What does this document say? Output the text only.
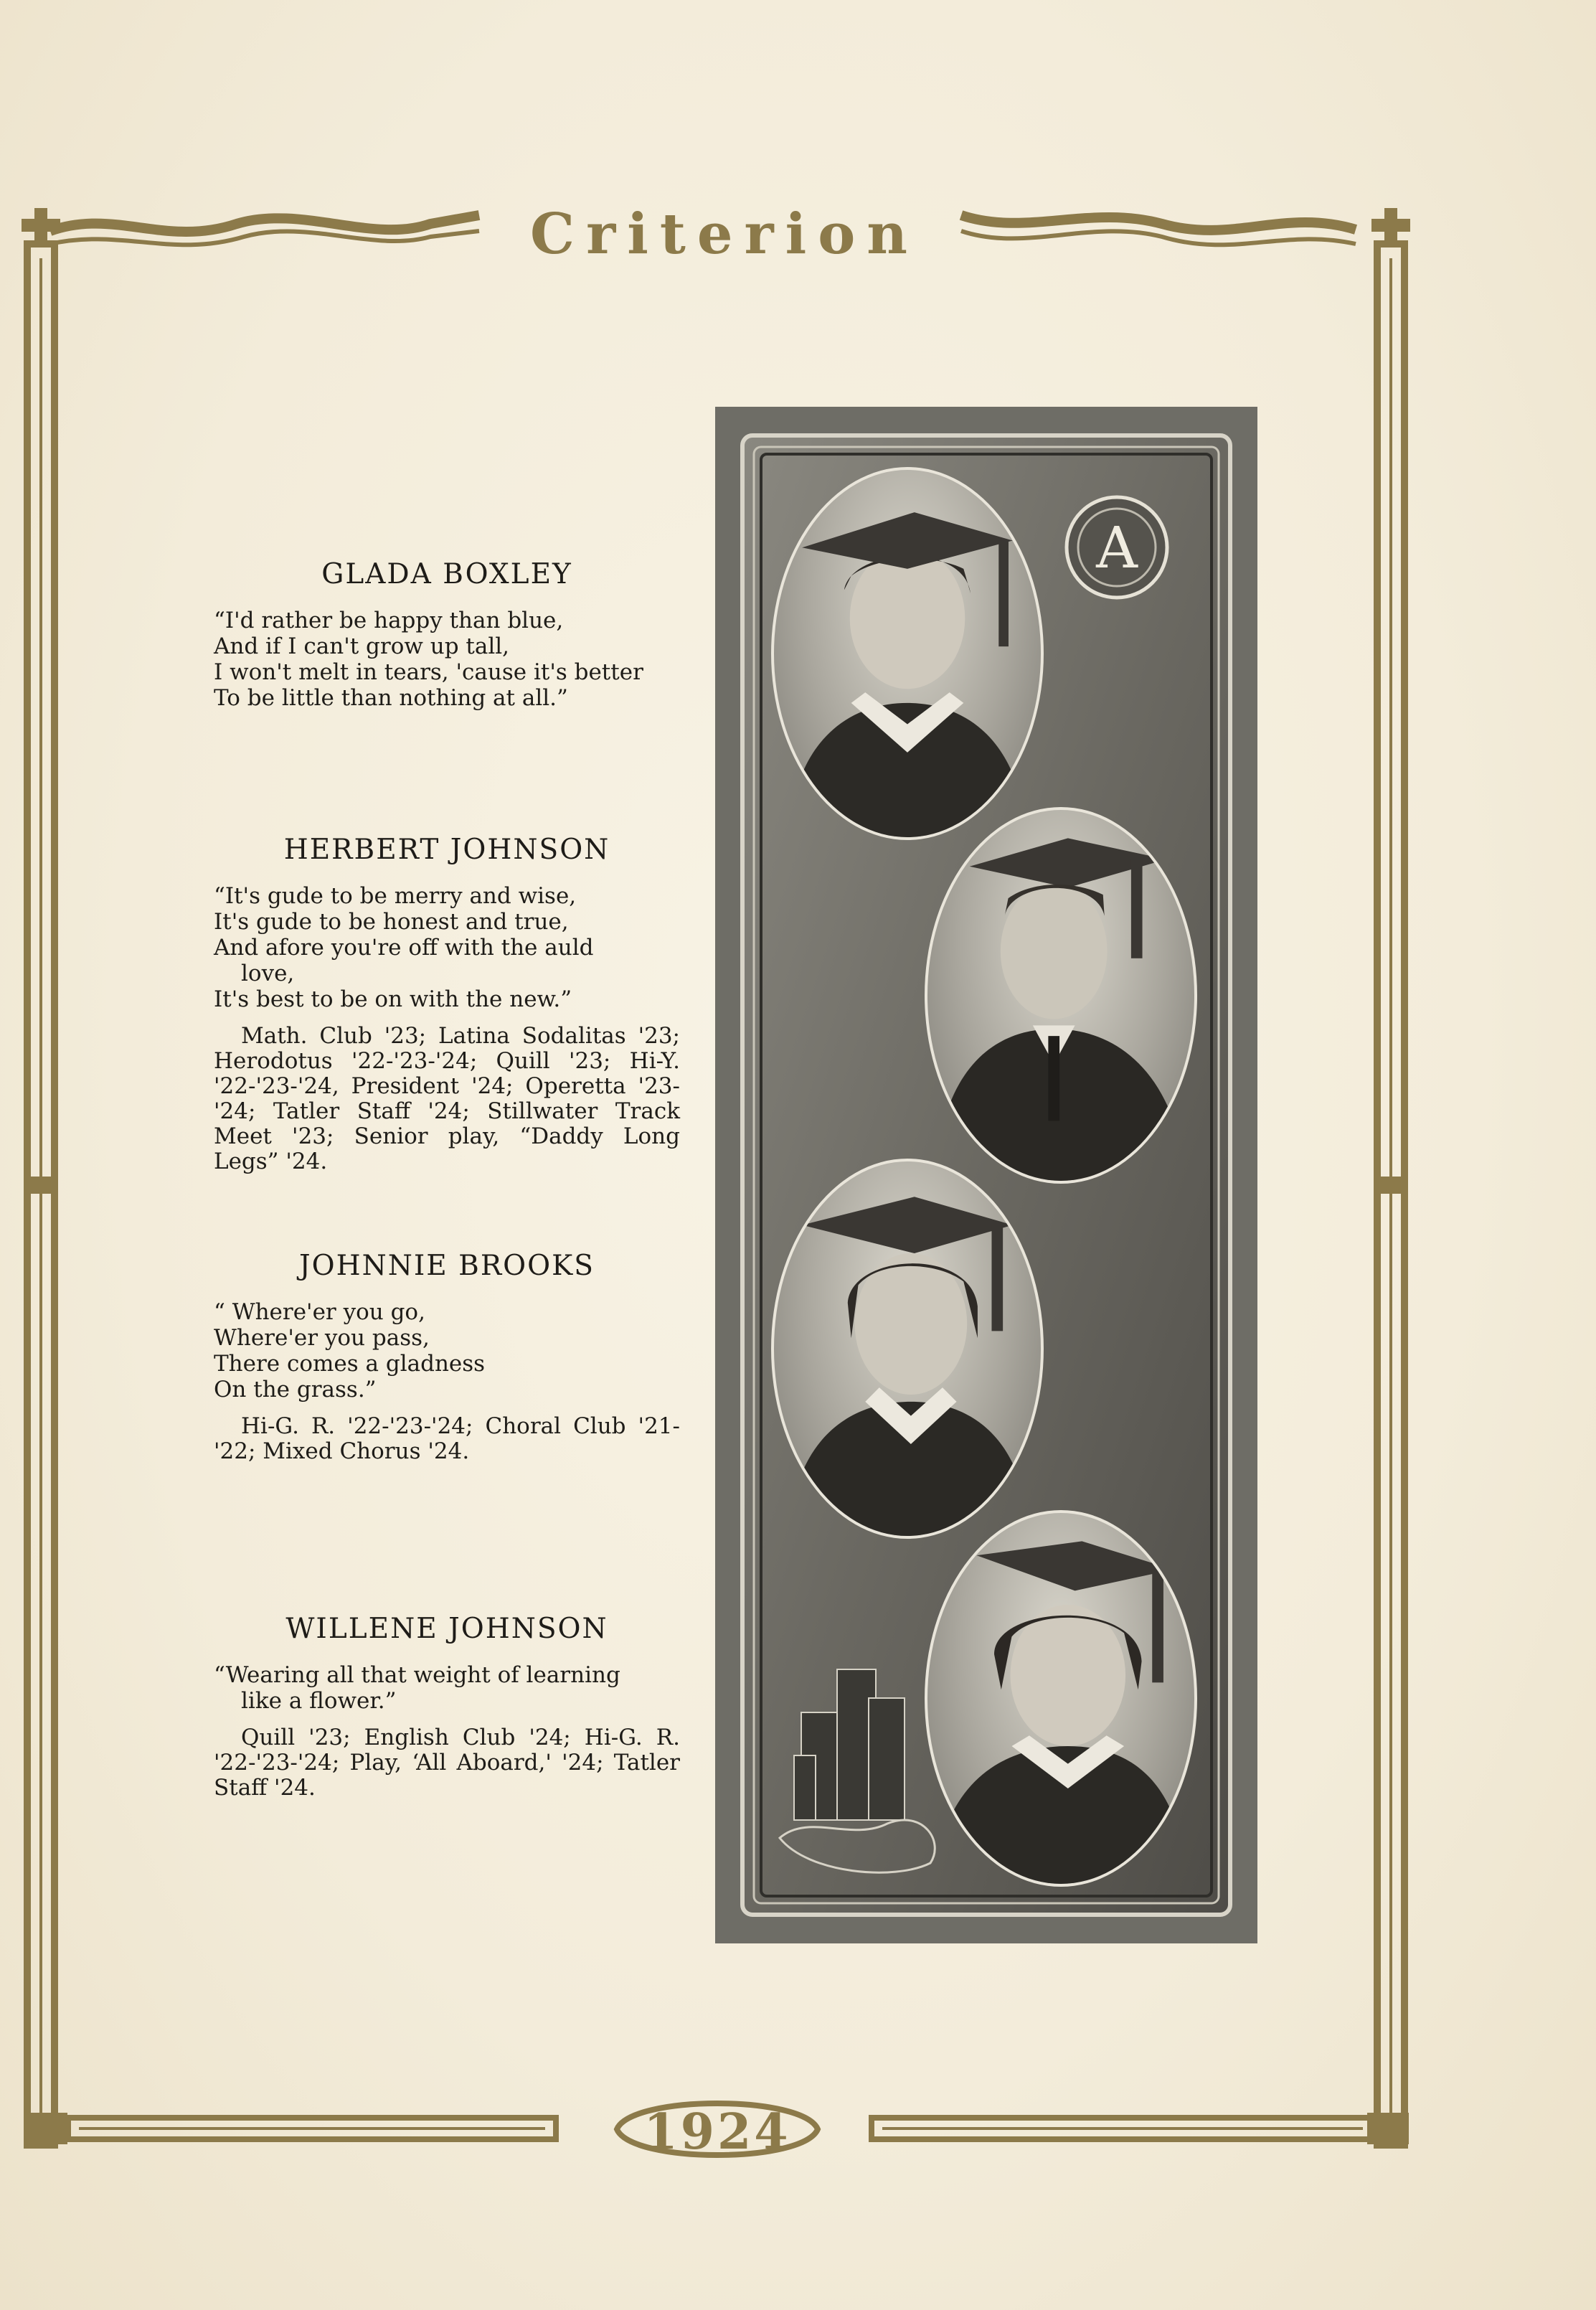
Criterion
1924
GLADA BOXLEY

“I'd rather be happy than blue,
And if I can't grow up tall,
I won't melt in tears, 'cause it's better
To be little than nothing at all.”

HERBERT JOHNSON

“It's gude to be merry and wise,
It's gude to be honest and true,
And afore you're off with the auld
love,
It's best to be on with the new.”

Math. Club '23; Latina Sodalitas '23; Herodotus '22-'23-'24; Quill '23; Hi-Y. '22-'23-'24, President '24; Operetta '23-'24; Tatler Staff '24; Stillwater Track Meet '23; Senior play, “Daddy Long Legs” '24.

JOHNNIE BROOKS

“ Where'er you go,
Where'er you pass,
There comes a gladness
On the grass.”

Hi-G. R. '22-'23-'24; Choral Club '21-'22; Mixed Chorus '24.

WILLENE JOHNSON

“Wearing all that weight of learning
like a flower.”

Quill '23; English Club '24; Hi-G. R. '22-'23-'24; Play, ‘All Aboard,' '24; Tatler Staff '24.

A
